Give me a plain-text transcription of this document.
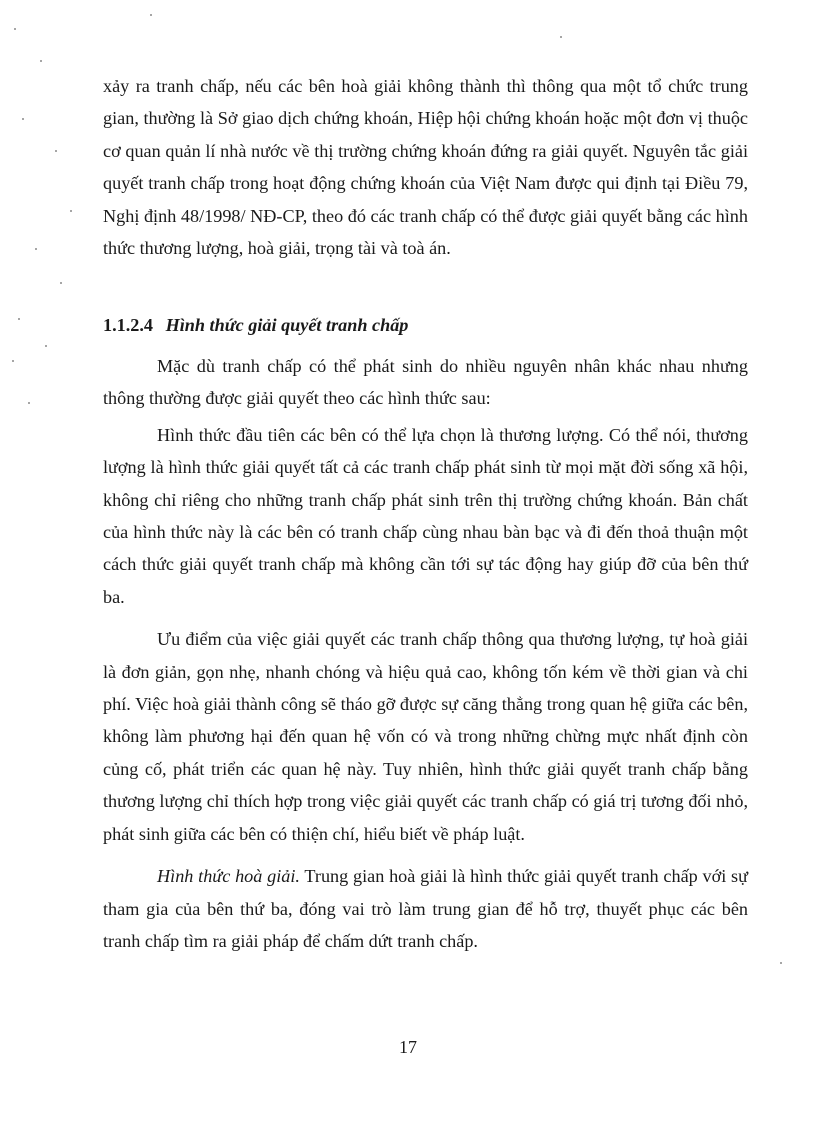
xảy ra tranh chấp, nếu các bên hoà giải không thành thì thông qua một tổ chức trung gian, thường là Sở giao dịch chứng khoán, Hiệp hội chứng khoán hoặc một đơn vị thuộc cơ quan quản lí nhà nước về thị trường chứng khoán đứng ra giải quyết. Nguyên tắc giải quyết tranh chấp trong hoạt động chứng khoán của Việt Nam được qui định tại Điều 79, Nghị định 48/1998/ NĐ-CP, theo đó các tranh chấp có thể được giải quyết bằng các hình thức thương lượng, hoà giải, trọng tài và toà án.

1.1.2.4 Hình thức giải quyết tranh chấp

Mặc dù tranh chấp có thể phát sinh do nhiều nguyên nhân khác nhau nhưng thông thường được giải quyết theo các hình thức sau:

Hình thức đầu tiên các bên có thể lựa chọn là thương lượng. Có thể nói, thương lượng là hình thức giải quyết tất cả các tranh chấp phát sinh từ mọi mặt đời sống xã hội, không chỉ riêng cho những tranh chấp phát sinh trên thị trường chứng khoán. Bản chất của hình thức này là các bên có tranh chấp cùng nhau bàn bạc và đi đến thoả thuận một cách thức giải quyết tranh chấp mà không cần tới sự tác động hay giúp đỡ của bên thứ ba.

Ưu điểm của việc giải quyết các tranh chấp thông qua thương lượng, tự hoà giải là đơn giản, gọn nhẹ, nhanh chóng và hiệu quả cao, không tốn kém về thời gian và chi phí. Việc hoà giải thành công sẽ tháo gỡ được sự căng thẳng trong quan hệ giữa các bên, không làm phương hại đến quan hệ vốn có và trong những chừng mực nhất định còn củng cố, phát triển các quan hệ này. Tuy nhiên, hình thức giải quyết tranh chấp bằng thương lượng chỉ thích hợp trong việc giải quyết các tranh chấp có giá trị tương đối nhỏ, phát sinh giữa các bên có thiện chí, hiểu biết về pháp luật.

Hình thức hoà giải. Trung gian hoà giải là hình thức giải quyết tranh chấp với sự tham gia của bên thứ ba, đóng vai trò làm trung gian để hỗ trợ, thuyết phục các bên tranh chấp tìm ra giải pháp để chấm dứt tranh chấp.

17
